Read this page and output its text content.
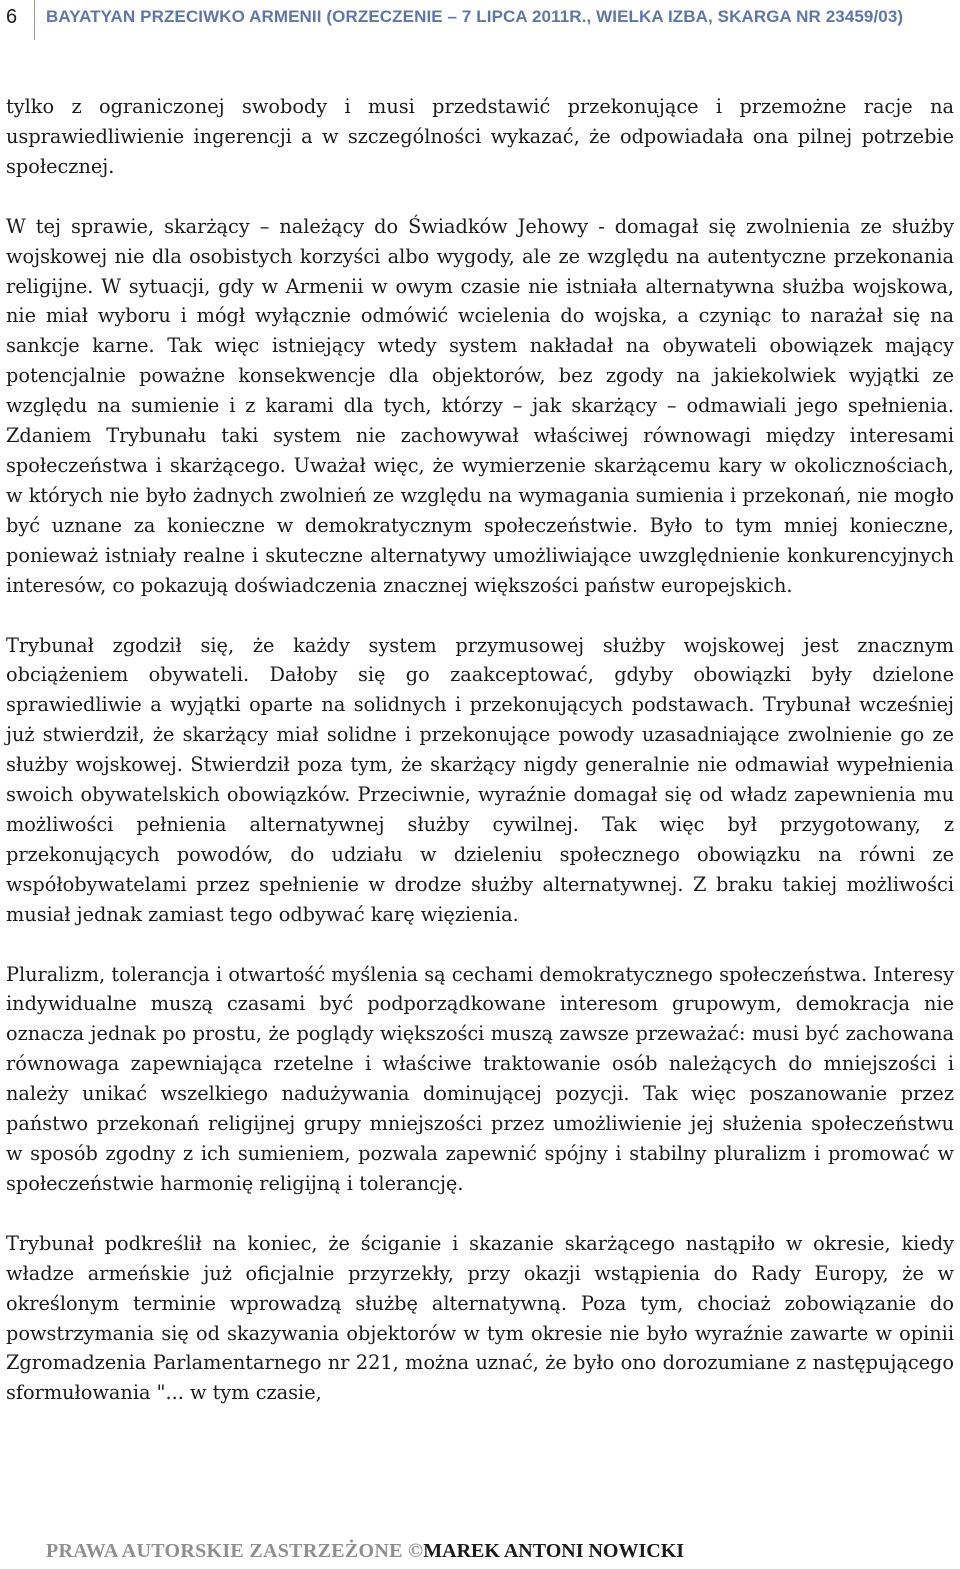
6 BAYATYAN PRZECIWKO ARMENII (ORZECZENIE – 7 LIPCA 2011R., WIELKA IZBA, SKARGA NR 23459/03)

tylko z ograniczonej swobody i musi przedstawić przekonujące i przemożne racje na usprawiedliwienie ingerencji a w szczególności wykazać, że odpowiadała ona pilnej potrzebie społecznej.

W tej sprawie, skarżący – należący do Świadków Jehowy - domagał się zwolnienia ze służby wojskowej nie dla osobistych korzyści albo wygody, ale ze względu na autentyczne przekonania religijne. W sytuacji, gdy w Armenii w owym czasie nie istniała alternatywna służba wojskowa, nie miał wyboru i mógł wyłącznie odmówić wcielenia do wojska, a czyniąc to narażał się na sankcje karne. Tak więc istniejący wtedy system nakładał na obywateli obowiązek mający potencjalnie poważne konsekwencje dla objektorów, bez zgody na jakiekolwiek wyjątki ze względu na sumienie i z karami dla tych, którzy – jak skarżący – odmawiali jego spełnienia. Zdaniem Trybunału taki system nie zachowywał właściwej równowagi między interesami społeczeństwa i skarżącego. Uważał więc, że wymierzenie skarżącemu kary w okolicznościach, w których nie było żadnych zwolnień ze względu na wymagania sumienia i przekonań, nie mogło być uznane za konieczne w demokratycznym społeczeństwie. Było to tym mniej konieczne, ponieważ istniały realne i skuteczne alternatywy umożliwiające uwzględnienie konkurencyjnych interesów, co pokazują doświadczenia znacznej większości państw europejskich.

Trybunał zgodził się, że każdy system przymusowej służby wojskowej jest znacznym obciążeniem obywateli. Dałoby się go zaakceptować, gdyby obowiązki były dzielone sprawiedliwie a wyjątki oparte na solidnych i przekonujących podstawach. Trybunał wcześniej już stwierdził, że skarżący miał solidne i przekonujące powody uzasadniające zwolnienie go ze służby wojskowej. Stwierdził poza tym, że skarżący nigdy generalnie nie odmawiał wypełnienia swoich obywatelskich obowiązków. Przeciwnie, wyraźnie domagał się od władz zapewnienia mu możliwości pełnienia alternatywnej służby cywilnej. Tak więc był przygotowany, z przekonujących powodów, do udziału w dzieleniu społecznego obowiązku na równi ze współobywatelami przez spełnienie w drodze służby alternatywnej. Z braku takiej możliwości musiał jednak zamiast tego odbywać karę więzienia.

Pluralizm, tolerancja i otwartość myślenia są cechami demokratycznego społeczeństwa. Interesy indywidualne muszą czasami być podporządkowane interesom grupowym, demokracja nie oznacza jednak po prostu, że poglądy większości muszą zawsze przeważać: musi być zachowana równowaga zapewniająca rzetelne i właściwe traktowanie osób należących do mniejszości i należy unikać wszelkiego nadużywania dominującej pozycji. Tak więc poszanowanie przez państwo przekonań religijnej grupy mniejszości przez umożliwienie jej służenia społeczeństwu w sposób zgodny z ich sumieniem, pozwala zapewnić spójny i stabilny pluralizm i promować w społeczeństwie harmonię religijną i tolerancję.

Trybunał podkreślił na koniec, że ściganie i skazanie skarżącego nastąpiło w okresie, kiedy władze armeńskie już oficjalnie przyrzekły, przy okazji wstąpienia do Rady Europy, że w określonym terminie wprowadzą służbę alternatywną. Poza tym, chociaż zobowiązanie do powstrzymania się od skazywania objektorów w tym okresie nie było wyraźnie zawarte w opinii Zgromadzenia Parlamentarnego nr 221, można uznać, że było ono dorozumiane z następującego sformułowania "... w tym czasie,

PRAWA AUTORSKIE ZASTRZEŻONE ©MAREK ANTONI NOWICKI
